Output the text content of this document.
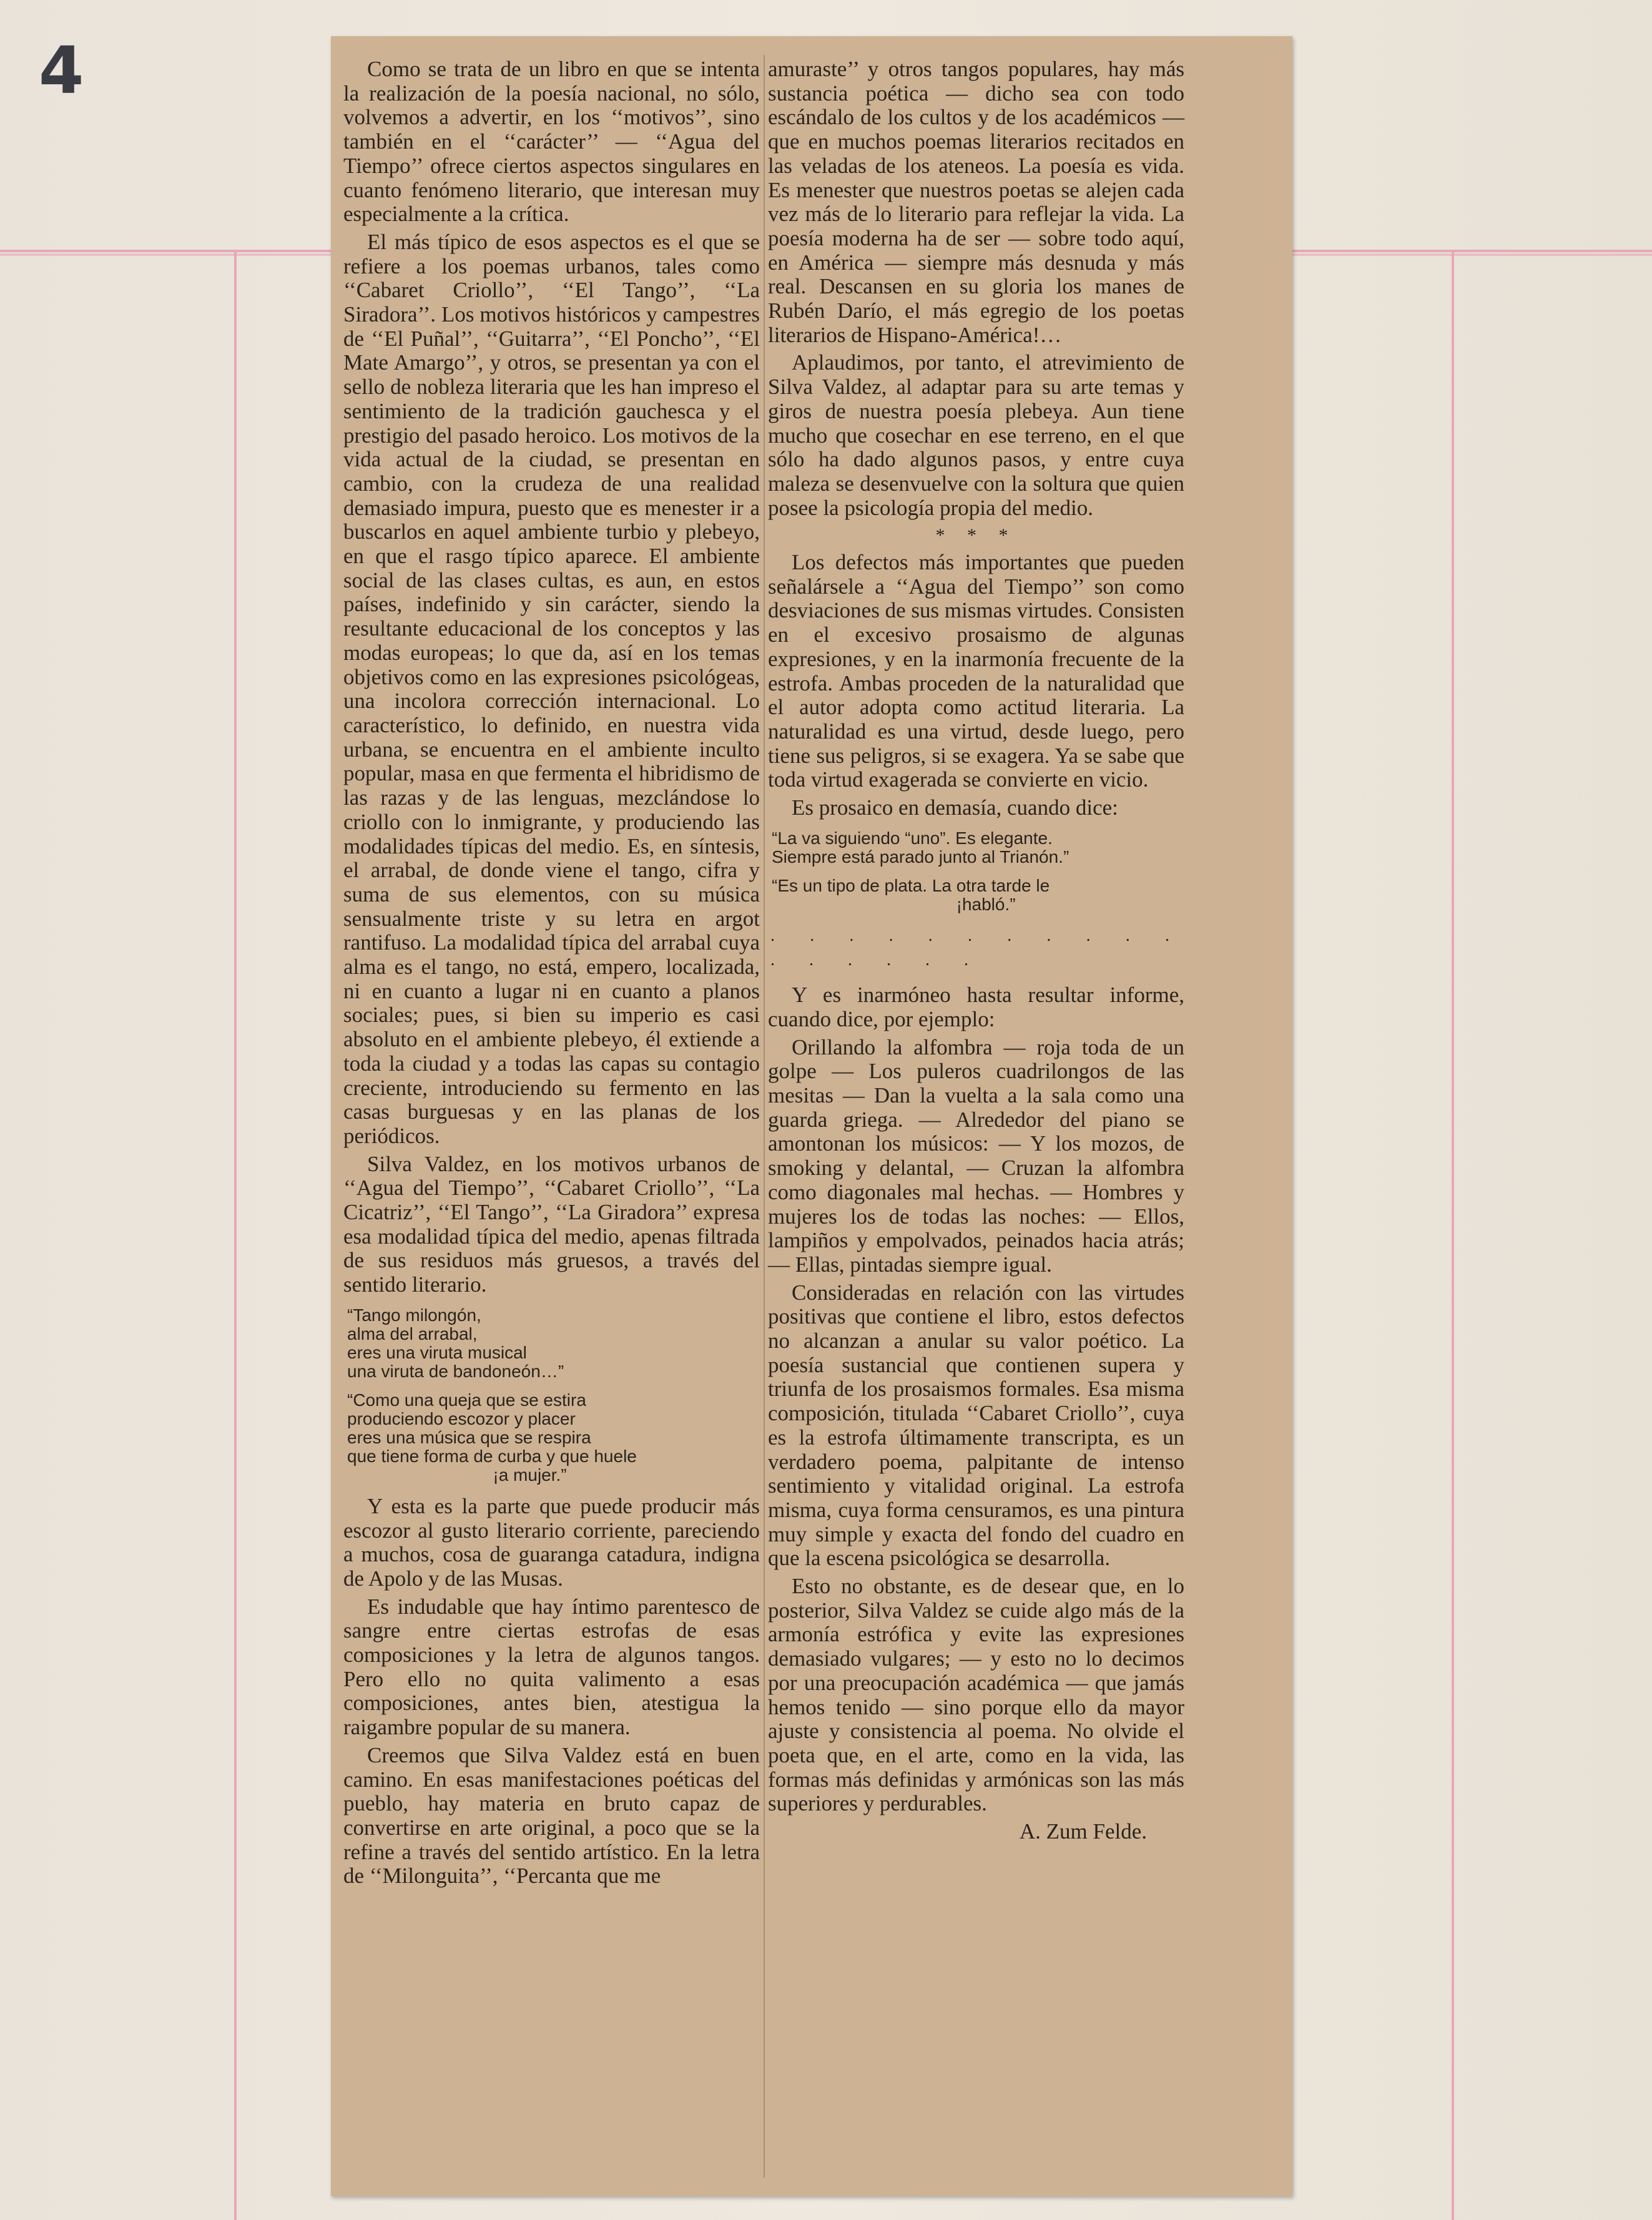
4	Como se trata de un libro en que se intenta la realización de la poesía nacional, no sólo, volvemos a advertir, en los ‘‘motivos’’, sino también en el ‘‘carácter’’ — ‘‘Agua del Tiempo’’ ofrece ciertos aspectos singulares en cuanto fenómeno literario, que interesan muy especialmente a la crítica.

El más típico de esos aspectos es el que se refiere a los poemas urbanos, tales como ‘‘Cabaret Criollo’’, ‘‘El Tango’’, ‘‘La Siradora’’. Los motivos históricos y campestres de ‘‘El Puñal’’, ‘‘Guitarra’’, ‘‘El Poncho’’, ‘‘El Mate Amargo’’, y otros, se presentan ya con el sello de nobleza literaria que les han impreso el sentimiento de la tradición gauchesca y el prestigio del pasado heroico. Los motivos de la vida actual de la ciudad, se presentan en cambio, con la crudeza de una realidad demasiado impura, puesto que es menester ir a buscarlos en aquel ambiente turbio y plebeyo, en que el rasgo típico aparece. El ambiente social de las clases cultas, es aun, en estos países, indefinido y sin carácter, siendo la resultante educacional de los conceptos y las modas europeas; lo que da, así en los temas objetivos como en las expresiones psicológeas, una incolora corrección internacional. Lo característico, lo definido, en nuestra vida urbana, se encuentra en el ambiente inculto popular, masa en que fermenta el hibridismo de las razas y de las lenguas, mezclándose lo criollo con lo inmigrante, y produciendo las modalidades típicas del medio. Es, en síntesis, el arrabal, de donde viene el tango, cifra y suma de sus elementos, con su música sensualmente triste y su letra en argot rantifuso. La modalidad típica del arrabal cuya alma es el tango, no está, empero, localizada, ni en cuanto a lugar ni en cuanto a planos sociales; pues, si bien su imperio es casi absoluto en el ambiente plebeyo, él extiende a toda la ciudad y a todas las capas su contagio creciente, introduciendo su fermento en las casas burguesas y en las planas de los periódicos.

Silva Valdez, en los motivos urbanos de ‘‘Agua del Tiempo’’, ‘‘Cabaret Criollo’’, ‘‘La Cicatriz’’, ‘‘El Tango’’, ‘‘La Giradora’’ expresa esa modalidad típica del medio, apenas filtrada de sus residuos más gruesos, a través del sentido literario.

“Tango milongón,
alma del arrabal,
eres una viruta musical
una viruta de bandoneón…”
“Como una queja que se estira
produciendo escozor y placer
eres una música que se respira
que tiene forma de curba y que huele
¡a mujer.”

Y esta es la parte que puede producir más escozor al gusto literario corriente, pareciendo a muchos, cosa de guaranga catadura, indigna de Apolo y de las Musas.

Es indudable que hay íntimo parentesco de sangre entre ciertas estrofas de esas composiciones y la letra de algunos tangos. Pero ello no quita valimento a esas composiciones, antes bien, atestigua la raigambre popular de su manera.

Creemos que Silva Valdez está en buen camino. En esas manifestaciones poéticas del pueblo, hay materia en bruto capaz de convertirse en arte original, a poco que se la refine a través del sentido artístico. En la letra de ‘‘Milonguita’’, ‘‘Percanta que me

amuraste’’ y otros tangos populares, hay más sustancia poética — dicho sea con todo escándalo de los cultos y de los académicos — que en muchos poemas literarios recitados en las veladas de los ateneos. La poesía es vida. Es menester que nuestros poetas se alejen cada vez más de lo literario para reflejar la vida. La poesía moderna ha de ser — sobre todo aquí, en América — siempre más desnuda y más real. Descansen en su gloria los manes de Rubén Darío, el más egregio de los poetas literarios de Hispano-América!…

Aplaudimos, por tanto, el atrevimiento de Silva Valdez, al adaptar para su arte temas y giros de nuestra poesía plebeya. Aun tiene mucho que cosechar en ese terreno, en el que sólo ha dado algunos pasos, y entre cuya maleza se desenvuelve con la soltura que quien posee la psicología propia del medio.

* * *

Los defectos más importantes que pueden señalársele a ‘‘Agua del Tiempo’’ son como desviaciones de sus mismas virtudes. Consisten en el excesivo prosaismo de algunas expresiones, y en la inarmonía frecuente de la estrofa. Ambas proceden de la naturalidad que el autor adopta como actitud literaria. La naturalidad es una virtud, desde luego, pero tiene sus peligros, si se exagera. Ya se sabe que toda virtud exagerada se convierte en vicio.

Es prosaico en demasía, cuando dice:

“La va siguiendo “uno”. Es elegante.
Siempre está parado junto al Trianón.”
“Es un tipo de plata. La otra tarde le
¡habló.”
. . . . . . . . . . . . . . . . .

Y es inarmóneo hasta resultar informe, cuando dice, por ejemplo:

Orillando la alfombra — roja toda de un golpe — Los puleros cuadrilongos de las mesitas — Dan la vuelta a la sala como una guarda griega. — Alrededor del piano se amontonan los músicos: — Y los mozos, de smoking y delantal, — Cruzan la alfombra como diagonales mal hechas. — Hombres y mujeres los de todas las noches: — Ellos, lampiños y empolvados, peinados hacia atrás; — Ellas, pintadas siempre igual.

Consideradas en relación con las virtudes positivas que contiene el libro, estos defectos no alcanzan a anular su valor poético. La poesía sustancial que contienen supera y triunfa de los prosaismos formales. Esa misma composición, titulada ‘‘Cabaret Criollo’’, cuya es la estrofa últimamente transcripta, es un verdadero poema, palpitante de intenso sentimiento y vitalidad original. La estrofa misma, cuya forma censuramos, es una pintura muy simple y exacta del fondo del cuadro en que la escena psicológica se desarrolla.

Esto no obstante, es de desear que, en lo posterior, Silva Valdez se cuide algo más de la armonía estrófica y evite las expresiones demasiado vulgares; — y esto no lo decimos por una preocupación académica — que jamás hemos tenido — sino porque ello da mayor ajuste y consistencia al poema. No olvide el poeta que, en el arte, como en la vida, las formas más definidas y armónicas son las más superiores y perdurables.

A. Zum Felde.
